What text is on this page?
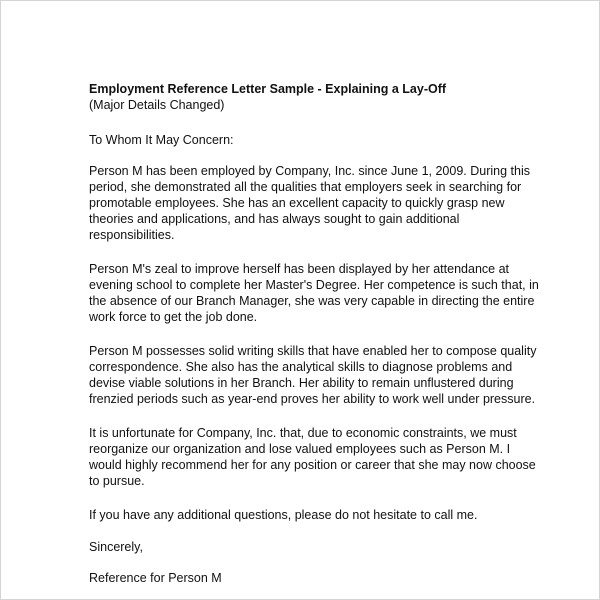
Employment Reference Letter Sample - Explaining a Lay-Off

(Major Details Changed)

To Whom It May Concern:

Person M has been employed by Company, Inc. since June 1, 2009. During this
period, she demonstrated all the qualities that employers seek in searching for
promotable employees. She has an excellent capacity to quickly grasp new
theories and applications, and has always sought to gain additional
responsibilities.

Person M's zeal to improve herself has been displayed by her attendance at
evening school to complete her Master's Degree. Her competence is such that, in
the absence of our Branch Manager, she was very capable in directing the entire
work force to get the job done.

Person M possesses solid writing skills that have enabled her to compose quality
correspondence. She also has the analytical skills to diagnose problems and
devise viable solutions in her Branch. Her ability to remain unflustered during
frenzied periods such as year-end proves her ability to work well under pressure.

It is unfortunate for Company, Inc. that, due to economic constraints, we must
reorganize our organization and lose valued employees such as Person M. I
would highly recommend her for any position or career that she may now choose
to pursue.

If you have any additional questions, please do not hesitate to call me.

Sincerely,

Reference for Person M
